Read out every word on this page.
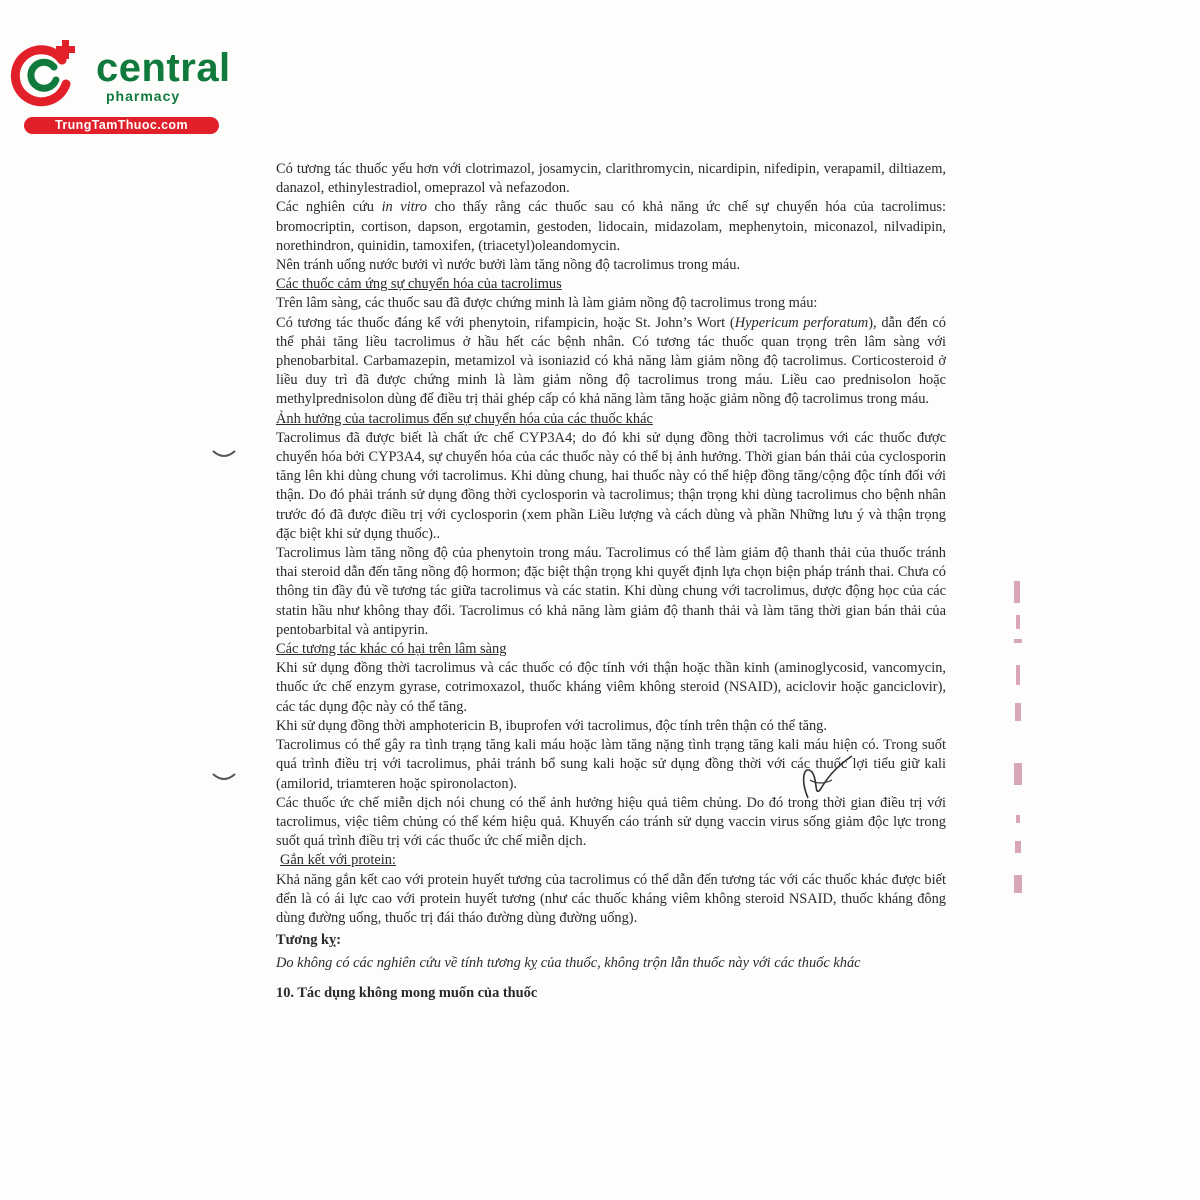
central
pharmacy
TrungTamThuoc.com

Có tương tác thuốc yếu hơn với clotrimazol, josamycin, clarithromycin, nicardipin, nifedipin, verapamil, diltiazem, danazol, ethinylestradiol, omeprazol và nefazodon.

Các nghiên cứu in vitro cho thấy rằng các thuốc sau có khả năng ức chế sự chuyển hóa của tacrolimus: bromocriptin, cortison, dapson, ergotamin, gestoden, lidocain, midazolam, mephenytoin, miconazol, nilvadipin, norethindron, quinidin, tamoxifen, (triacetyl)oleandomycin.

Nên tránh uống nước bưởi vì nước bưởi làm tăng nồng độ tacrolimus trong máu.

Các thuốc cảm ứng sự chuyển hóa của tacrolimus

Trên lâm sàng, các thuốc sau đã được chứng minh là làm giảm nồng độ tacrolimus trong máu:

Có tương tác thuốc đáng kể với phenytoin, rifampicin, hoặc St. John’s Wort (Hypericum perforatum), dẫn đến có thể phải tăng liều tacrolimus ở hầu hết các bệnh nhân. Có tương tác thuốc quan trọng trên lâm sàng với phenobarbital. Carbamazepin, metamizol và isoniazid có khả năng làm giảm nồng độ tacrolimus. Corticosteroid ở liều duy trì đã được chứng minh là làm giảm nồng độ tacrolimus trong máu. Liều cao prednisolon hoặc methylprednisolon dùng để điều trị thải ghép cấp có khả năng làm tăng hoặc giảm nồng độ tacrolimus trong máu.

Ảnh hưởng của tacrolimus đến sự chuyển hóa của các thuốc khác

Tacrolimus đã được biết là chất ức chế CYP3A4; do đó khi sử dụng đồng thời tacrolimus với các thuốc được chuyển hóa bởi CYP3A4, sự chuyển hóa của các thuốc này có thể bị ảnh hưởng. Thời gian bán thải của cyclosporin tăng lên khi dùng chung với tacrolimus. Khi dùng chung, hai thuốc này có thể hiệp đồng tăng/cộng độc tính đối với thận. Do đó phải tránh sử dụng đồng thời cyclosporin và tacrolimus; thận trọng khi dùng tacrolimus cho bệnh nhân trước đó đã được điều trị với cyclosporin (xem phần Liều lượng và cách dùng và phần Những lưu ý và thận trọng đặc biệt khi sử dụng thuốc)..

Tacrolimus làm tăng nồng độ của phenytoin trong máu. Tacrolimus có thể làm giảm độ thanh thải của thuốc tránh thai steroid dẫn đến tăng nồng độ hormon; đặc biệt thận trọng khi quyết định lựa chọn biện pháp tránh thai. Chưa có thông tin đầy đủ về tương tác giữa tacrolimus và các statin. Khi dùng chung với tacrolimus, dược động học của các statin hầu như không thay đổi. Tacrolimus có khả năng làm giảm độ thanh thải và làm tăng thời gian bán thải của pentobarbital và antipyrin.

Các tương tác khác có hại trên lâm sàng

Khi sử dụng đồng thời tacrolimus và các thuốc có độc tính với thận hoặc thần kinh (aminoglycosid, vancomycin, thuốc ức chế enzym gyrase, cotrimoxazol, thuốc kháng viêm không steroid (NSAID), aciclovir hoặc ganciclovir), các tác dụng độc này có thể tăng.

Khi sử dụng đồng thời amphotericin B, ibuprofen với tacrolimus, độc tính trên thận có thể tăng.

Tacrolimus có thể gây ra tình trạng tăng kali máu hoặc làm tăng nặng tình trạng tăng kali máu hiện có. Trong suốt quá trình điều trị với tacrolimus, phải tránh bổ sung kali hoặc sử dụng đồng thời với các thuốc lợi tiểu giữ kali (amilorid, triamteren hoặc spironolacton).

Các thuốc ức chế miễn dịch nói chung có thể ảnh hưởng hiệu quả tiêm chủng. Do đó trong thời gian điều trị với tacrolimus, việc tiêm chủng có thể kém hiệu quả. Khuyến cáo tránh sử dụng vaccin virus sống giảm độc lực trong suốt quá trình điều trị với các thuốc ức chế miễn dịch.

Gắn kết với protein:

Khả năng gắn kết cao với protein huyết tương của tacrolimus có thể dẫn đến tương tác với các thuốc khác được biết đến là có ái lực cao với protein huyết tương (như các thuốc kháng viêm không steroid NSAID, thuốc kháng đông dùng đường uống, thuốc trị đái tháo đường dùng đường uống).

Tương kỵ:

Do không có các nghiên cứu về tính tương kỵ của thuốc, không trộn lẫn thuốc này với các thuốc khác

10. Tác dụng không mong muốn của thuốc
